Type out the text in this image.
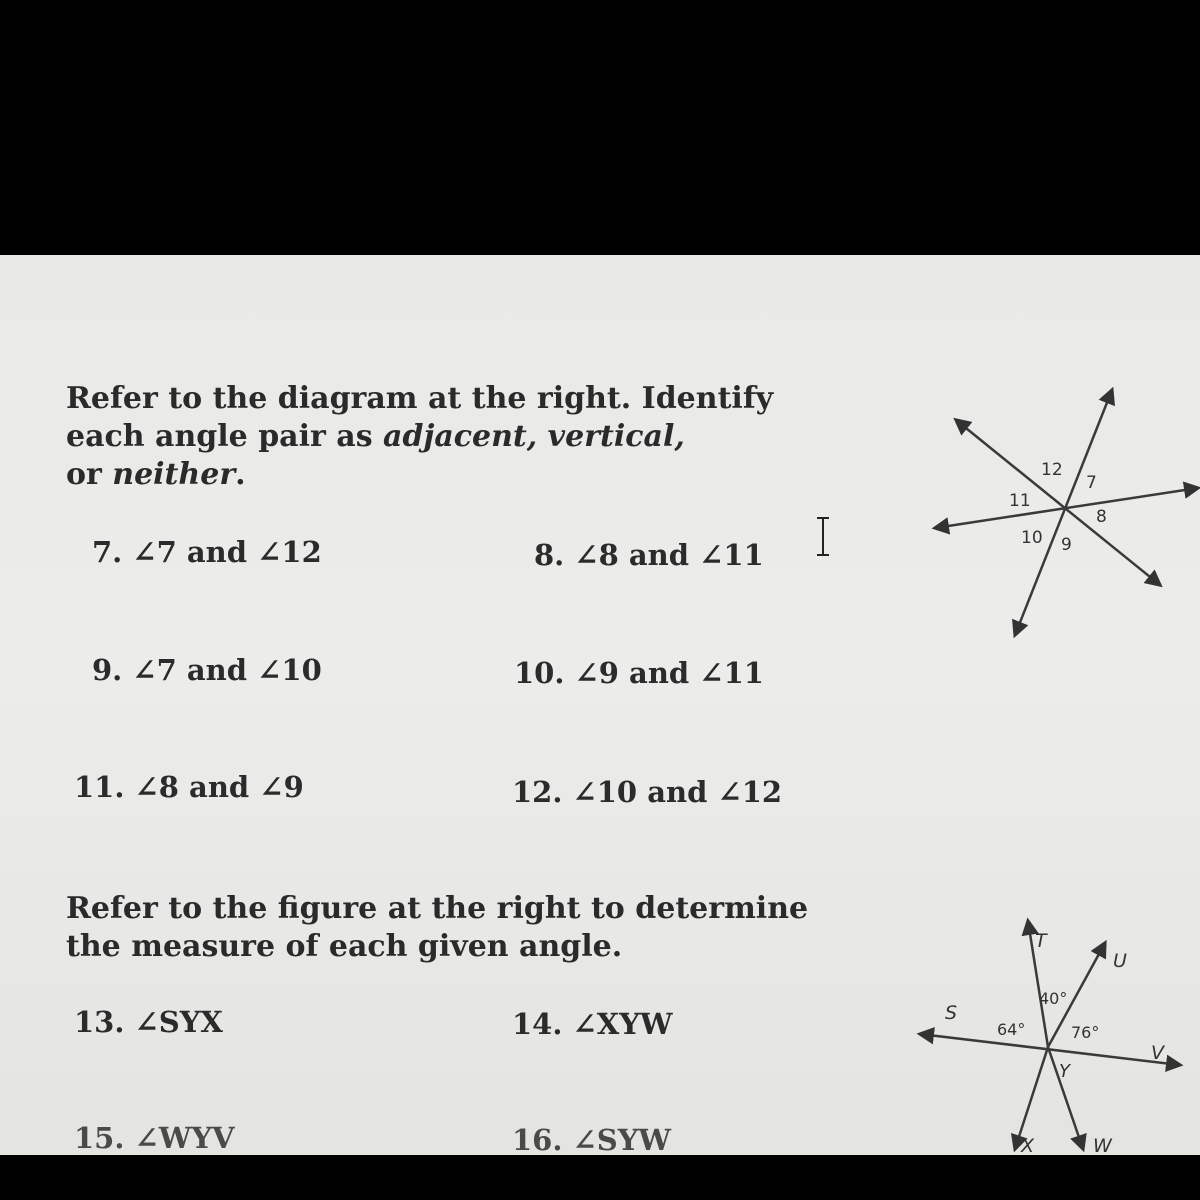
Refer to the diagram at the right. Identify
each angle pair as adjacent, vertical,
or neither.

7. ∠7 and ∠12	8. ∠8 and ∠11
9. ∠7 and ∠10	10. ∠9 and ∠11
11. ∠8 and ∠9	12. ∠10 and ∠12

Refer to the figure at the right to determine
the measure of each given angle.

13. ∠SYX	14. ∠XYW
15. ∠WYV	16. ∠SYW
12
7
11
8
10 9
T
U
S
V
Y
X	W
40°
64°	76°
